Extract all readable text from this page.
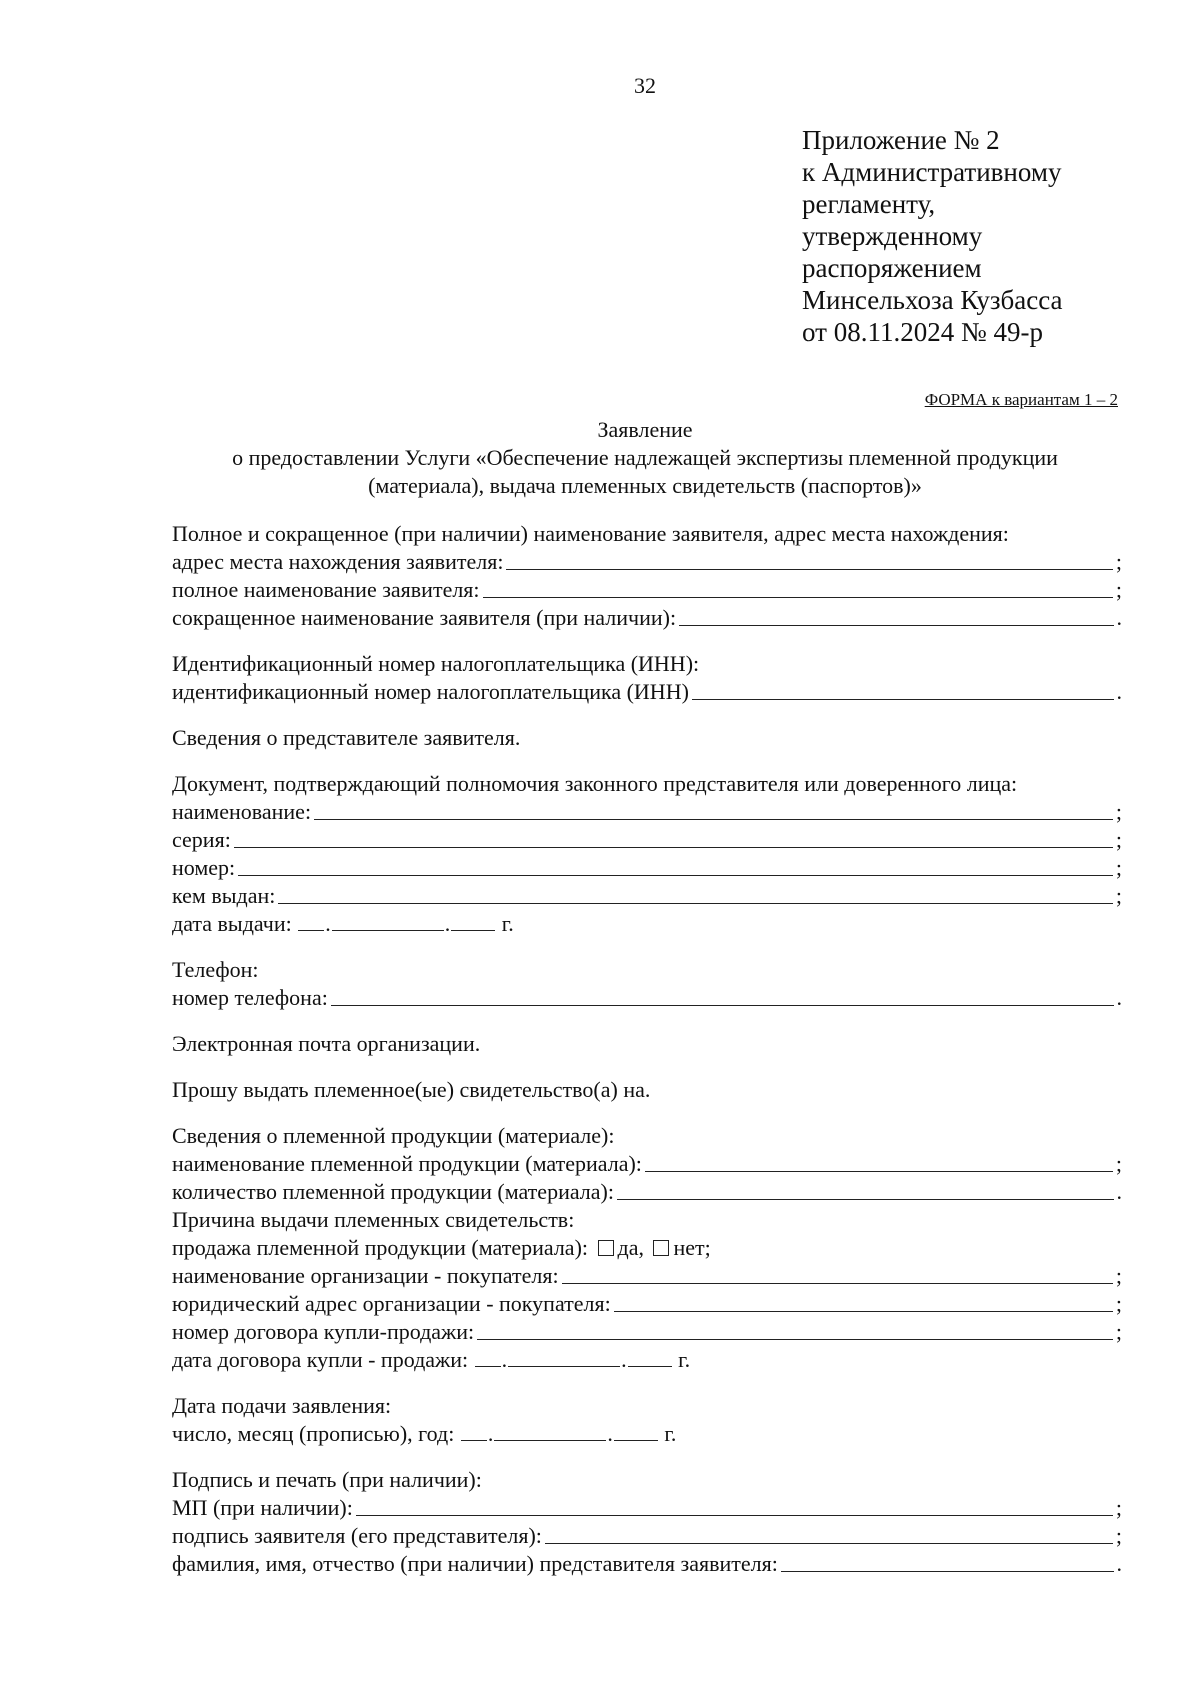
32
Приложение № 2
к Административному
регламенту,
утвержденному
распоряжением
Минсельхоза Кузбасса
от 08.11.2024 № 49-р
ФОРМА к вариантам 1 – 2
Заявление
о предоставлении Услуги «Обеспечение надлежащей экспертизы племенной продукции
(материала), выдача племенных свидетельств (паспортов)»
Полное и сокращенное (при наличии) наименование заявителя, адрес места нахождения:
адрес места нахождения заявителя:	;
полное наименование заявителя:	;
сокращенное наименование заявителя (при наличии):	.
Идентификационный номер налогоплательщика (ИНН):
идентификационный номер налогоплательщика (ИНН)	.
Сведения о представителе заявителя.
Документ, подтверждающий полномочия законного представителя или доверенного лица:
наименование:	;
серия:	;
номер:	;
кем выдан:	;
дата выдачи: .	. г.
Телефон:
номер телефона:	.
Электронная почта организации.
Прошу выдать племенное(ые) свидетельство(а) на.
Сведения о племенной продукции (материале):
наименование племенной продукции (материала):	;
количество племенной продукции (материала):	.
Причина выдачи племенных свидетельств:
продажа племенной продукции (материала): да, нет;
наименование организации - покупателя:	;
юридический адрес организации - покупателя:	;
номер договора купли-продажи:	;
дата договора купли - продажи: .	. г.
Дата подачи заявления:
число, месяц (прописью), год: .	. г.
Подпись и печать (при наличии):
МП (при наличии):	;
подпись заявителя (его представителя):	;
фамилия, имя, отчество (при наличии) представителя заявителя:	.
